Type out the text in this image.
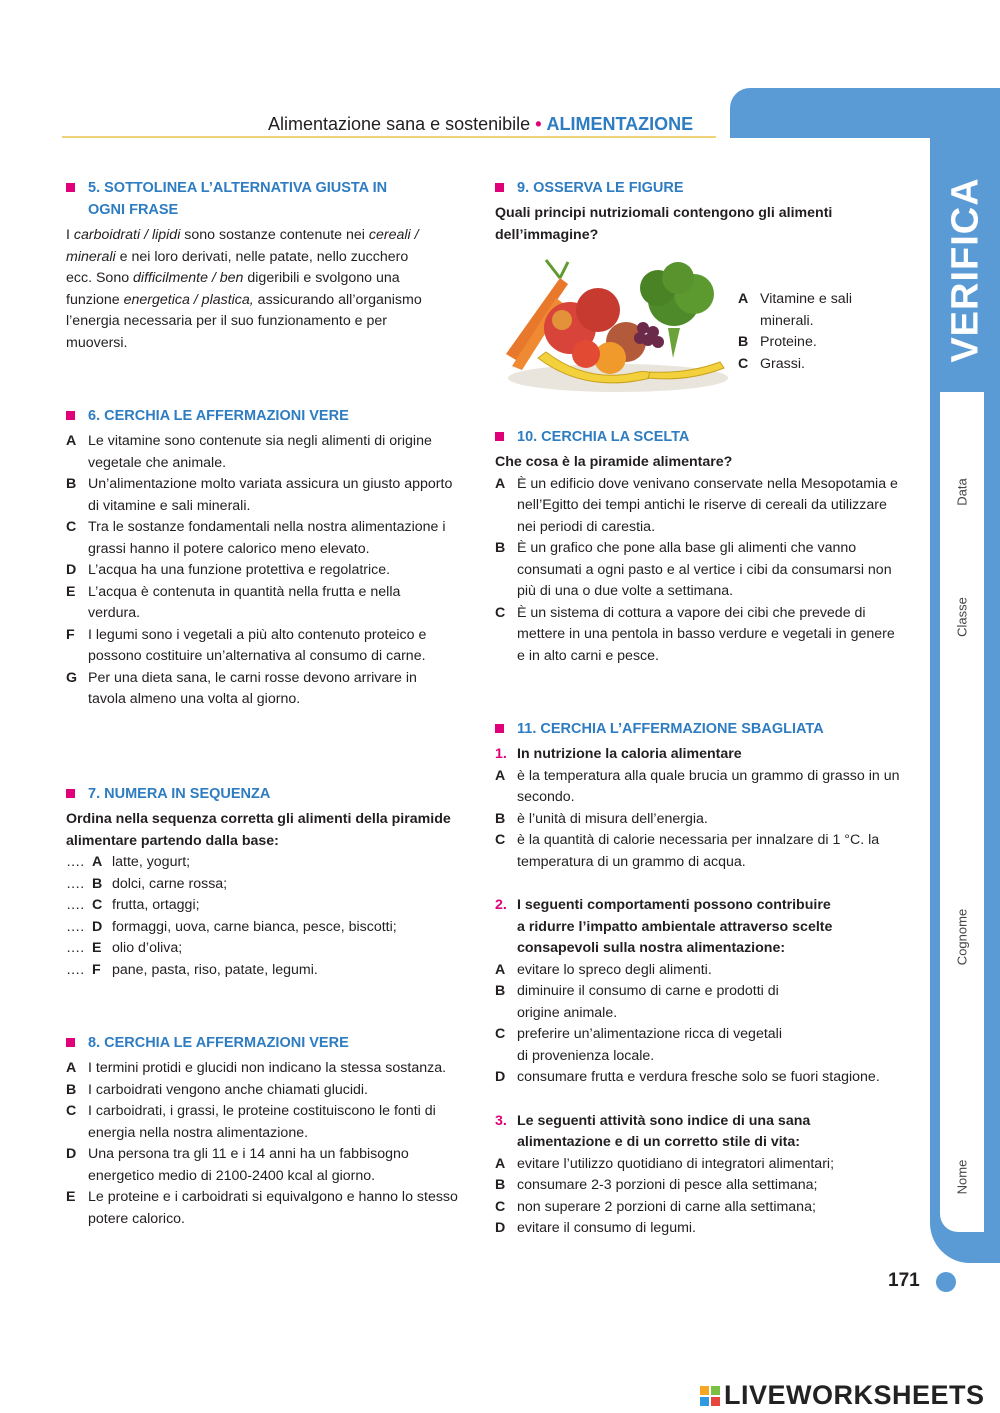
VERIFICA
Nome
Cognome
Classe
Data
Alimentazione sana e sostenibile • ALIMENTAZIONE
5. SOTTOLINEA L’ALTERNATIVA GIUSTA IN OGNI FRASE

I carboidrati / lipidi sono sostanze contenute nei cereali / minerali e nei loro derivati, nelle patate, nello zucchero ecc. Sono difficilmente / ben digeribili e svolgono una funzione energetica / plastica, assicurando all’organismo l’energia necessaria per il suo funzionamento e per muoversi.

6. CERCHIA LE AFFERMAZIONI VERE
A Le vitamine sono contenute sia negli alimenti di origine vegetale che animale.
B Un’alimentazione molto variata assicura un giusto apporto di vitamine e sali minerali.
C Tra le sostanze fondamentali nella nostra alimentazione i grassi hanno il potere calorico meno elevato.
D L’acqua ha una funzione protettiva e regolatrice.
E L’acqua è contenuta in quantità nella frutta e nella verdura.
F I legumi sono i vegetali a più alto contenuto proteico e possono costituire un’alternativa al consumo di carne.
G Per una dieta sana, le carni rosse devono arrivare in tavola almeno una volta al giorno.
7. NUMERA IN SEQUENZA

Ordina nella sequenza corretta gli alimenti della piramide alimentare partendo dalla base:

…. A latte, yogurt;
…. B dolci, carne rossa;
…. C frutta, ortaggi;
…. D formaggi, uova, carne bianca, pesce, biscotti;
…. E olio d’oliva;
…. F pane, pasta, riso, patate, legumi.
8. CERCHIA LE AFFERMAZIONI VERE
A I termini protidi e glucidi non indicano la stessa sostanza.
B I carboidrati vengono anche chiamati glucidi.
C I carboidrati, i grassi, le proteine costituiscono le fonti di energia nella nostra alimentazione.
D Una persona tra gli 11 e i 14 anni ha un fabbisogno energetico medio di 2100-2400 kcal al giorno.
E Le proteine e i carboidrati si equivalgono e hanno lo stesso potere calorico.
9. OSSERVA LE FIGURE

Quali principi nutriziomali contengono gli alimenti dell’immagine?

A Vitamine e sali minerali.
B Proteine.
C Grassi.
10. CERCHIA LA SCELTA

Che cosa è la piramide alimentare?

A È un edificio dove venivano conservate nella Mesopotamia e nell’Egitto dei tempi antichi le riserve di cereali da utilizzare nei periodi di carestia.
B È un grafico che pone alla base gli alimenti che vanno consumati a ogni pasto e al vertice i cibi da consumarsi non più di una o due volte a settimana.
C È un sistema di cottura a vapore dei cibi che prevede di mettere in una pentola in basso verdure e vegetali in genere e in alto carni e pesce.
11. CERCHIA L’AFFERMAZIONE SBAGLIATA
1. In nutrizione la caloria alimentare
A è la temperatura alla quale brucia un grammo di grasso in un secondo.
B è l’unità di misura dell’energia.
C è la quantità di calorie necessaria per innalzare di 1 °C. la temperatura di un grammo di acqua.
2. I seguenti comportamenti possono contribuire a ridurre l’impatto ambientale attraverso scelte consapevoli sulla nostra alimentazione:
A evitare lo spreco degli alimenti.
B diminuire il consumo di carne e prodotti di origine animale.
C preferire un’alimentazione ricca di vegetali di provenienza locale.
D consumare frutta e verdura fresche solo se fuori stagione.
3. Le seguenti attività sono indice di una sana alimentazione e di un corretto stile di vita:
A evitare l’utilizzo quotidiano di integratori alimentari;
B consumare 2-3 porzioni di pesce alla settimana;
C non superare 2 porzioni di carne alla settimana;
D evitare il consumo di legumi.
171
LIVEWORKSHEETS
